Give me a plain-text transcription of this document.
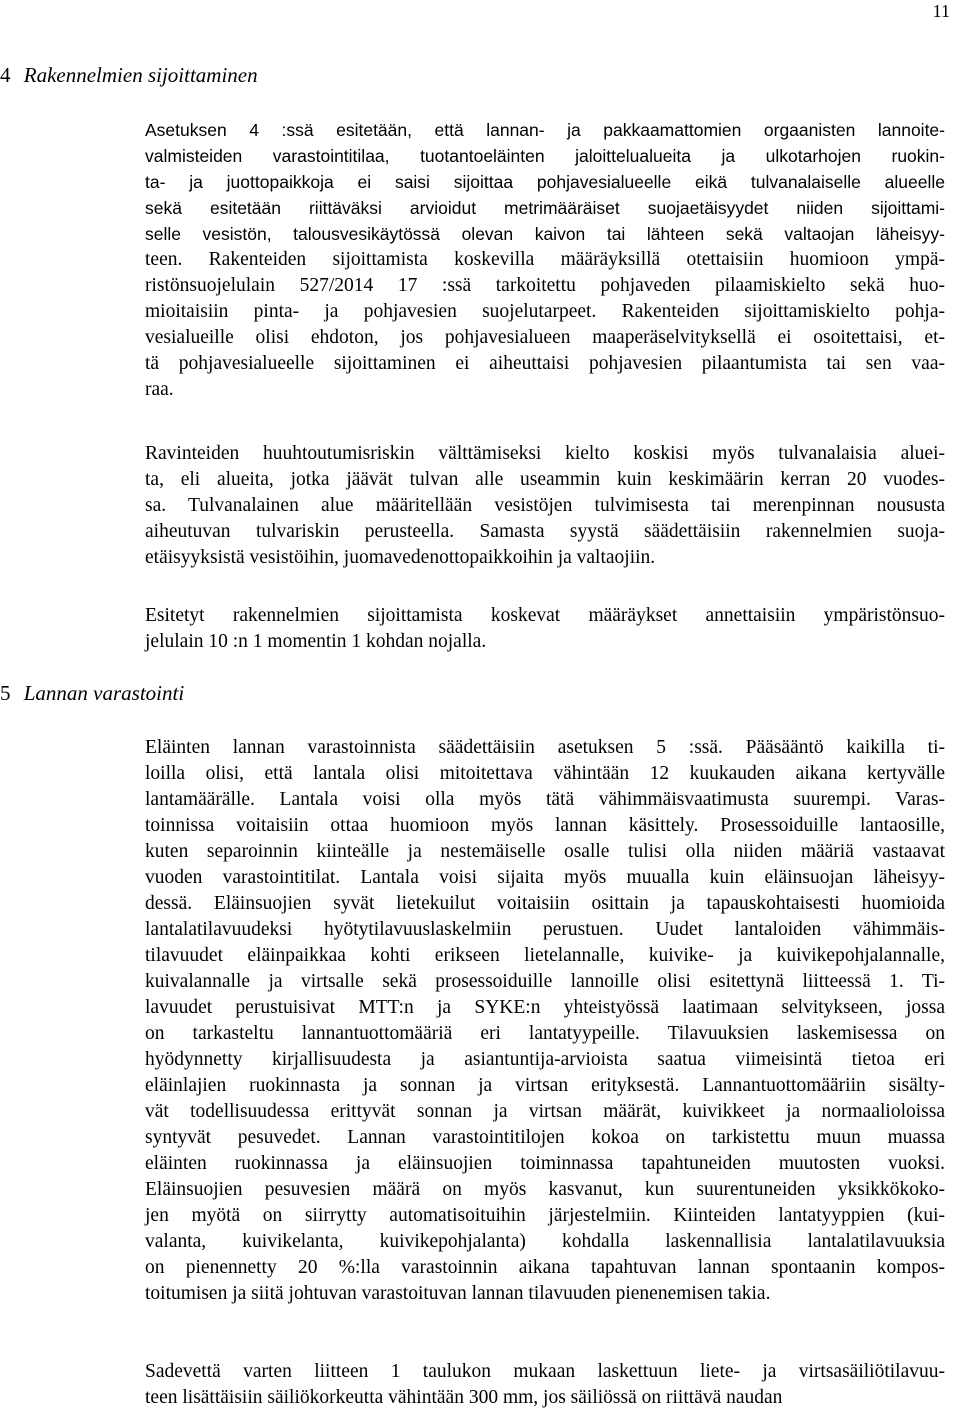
11
4 Rakennelmien sijoittaminen
5 Lannan varastointi
Asetuksen 4 :ssä esitetään, että lannan- ja pakkaamattomien orgaanisten lannoite-
valmisteiden varastointitilaa, tuotantoeläinten jaloittelualueita ja ulkotarhojen ruokin-
ta- ja juottopaikkoja ei saisi sijoittaa pohjavesialueelle eikä tulvanalaiselle alueelle
sekä esitetään riittäväksi arvioidut metrimääräiset suojaetäisyydet niiden sijoittami-
selle vesistön, talousvesikäytössä olevan kaivon tai lähteen sekä valtaojan läheisyy-
teen. Rakenteiden sijoittamista koskevilla määräyksillä otettaisiin huomioon ympä-
ristönsuojelulain 527/2014 17 :ssä tarkoitettu pohjaveden pilaamiskielto sekä huo-
mioitaisiin pinta- ja pohjavesien suojelutarpeet. Rakenteiden sijoittamiskielto pohja-
vesialueille olisi ehdoton, jos pohjavesialueen maaperäselvityksellä ei osoitettaisi, et-
tä pohjavesialueelle sijoittaminen ei aiheuttaisi pohjavesien pilaantumista tai sen vaa-
raa.
Ravinteiden huuhtoutumisriskin välttämiseksi kielto koskisi myös tulvanalaisia aluei-
ta, eli alueita, jotka jäävät tulvan alle useammin kuin keskimäärin kerran 20 vuodes-
sa. Tulvanalainen alue määritellään vesistöjen tulvimisesta tai merenpinnan noususta
aiheutuvan tulvariskin perusteella. Samasta syystä säädettäisiin rakennelmien suoja-
etäisyyksistä vesistöihin, juomavedenottopaikkoihin ja valtaojiin.
Esitetyt rakennelmien sijoittamista koskevat määräykset annettaisiin ympäristönsuo-
jelulain 10 :n 1 momentin 1 kohdan nojalla.
Eläinten lannan varastoinnista säädettäisiin asetuksen 5 :ssä. Pääsääntö kaikilla ti-
loilla olisi, että lantala olisi mitoitettava vähintään 12 kuukauden aikana kertyvälle
lantamäärälle. Lantala voisi olla myös tätä vähimmäisvaatimusta suurempi. Varas-
toinnissa voitaisiin ottaa huomioon myös lannan käsittely. Prosessoiduille lantaosille,
kuten separoinnin kiinteälle ja nestemäiselle osalle tulisi olla niiden määriä vastaavat
vuoden varastointitilat. Lantala voisi sijaita myös muualla kuin eläinsuojan läheisyy-
dessä. Eläinsuojien syvät lietekuilut voitaisiin osittain ja tapauskohtaisesti huomioida
lantalatilavuudeksi hyötytilavuuslaskelmiin perustuen. Uudet lantaloiden vähimmäis-
tilavuudet eläinpaikkaa kohti erikseen lietelannalle, kuivike- ja kuivikepohjalannalle,
kuivalannalle ja virtsalle sekä prosessoiduille lannoille olisi esitettynä liitteessä 1. Ti-
lavuudet perustuisivat MTT:n ja SYKE:n yhteistyössä laatimaan selvitykseen, jossa
on tarkasteltu lannantuottomääriä eri lantatyypeille. Tilavuuksien laskemisessa on
hyödynnetty kirjallisuudesta ja asiantuntija-arvioista saatua viimeisintä tietoa eri
eläinlajien ruokinnasta ja sonnan ja virtsan erityksestä. Lannantuottomääriin sisälty-
vät todellisuudessa erittyvät sonnan ja virtsan määrät, kuivikkeet ja normaalioloissa
syntyvät pesuvedet. Lannan varastointitilojen kokoa on tarkistettu muun muassa
eläinten ruokinnassa ja eläinsuojien toiminnassa tapahtuneiden muutosten vuoksi.
Eläinsuojien pesuvesien määrä on myös kasvanut, kun suurentuneiden yksikkökoko-
jen myötä on siirrytty automatisoituihin järjestelmiin. Kiinteiden lantatyyppien (kui-
valanta, kuivikelanta, kuivikepohjalanta) kohdalla laskennallisia lantalatilavuuksia
on pienennetty 20 %:lla varastoinnin aikana tapahtuvan lannan spontaanin kompos-
toitumisen ja siitä johtuvan varastoituvan lannan tilavuuden pienenemisen takia.
Sadevettä varten liitteen 1 taulukon mukaan laskettuun liete- ja virtsasäiliötilavuu-
teen lisättäisiin säiliökorkeutta vähintään 300 mm, jos säiliössä on riittävä naudan
